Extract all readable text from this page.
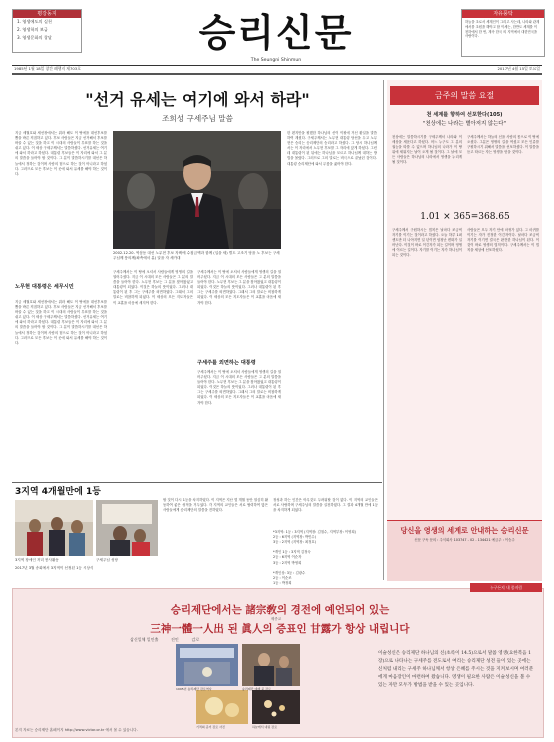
평강동지
1. 영생에도의 실천
2. 영생학의 보급
3. 영생문화의 창달	승리신문
The Seungni Shinmun
자유풍탁
하늘을 초로서 세계인이 그리고 사는데, 나라와 관계에서를 초원을 해야고 합 이세는, 한반도 세계를 이 천하에서 한 번, 계속 한국 의 지역에서 대한민국을 사람이다.
1985년 1월 18일 창간 폐행지 제703호	2017년 4월 15일 토요일
"선거 유세는 여기에 와서 하라"
조희성 구세주님 말씀
지금 세월호와 세선장에서는 뭐라 해도 이 땅에을 대선후보를 뽑을 바른 직접하고 있다. 후보 사람들은 지금 선거해서 후보를 바꿀 수 있는 것을 하고 이 시대의 사람들이 투표를 하는 것을 쉬고 있다. 이 세상 구세주께서는 말씀하셨다. 선거유세는 여기에 와서 하라고 하셨다. 대통령 후보들은 이 자리에 와서 그 분의 말씀을 들어야 할 것이다. 그 분이 말씀하시기를 대선은 하늘에서 정하는 것이며 사람의 힘으로 하는 것이 아니라고 하셨다. 그러므로 모든 후보는 이 곳에 와서 유세를 해야 하는 것이다.
지금 세월호와 세선장에서는 뭐라 해도 이 땅에을 대선후보를 뽑을 바른 직접하고 있다. 후보 사람들은 지금 선거해서 후보를 바꿀 수 있는 것을 하고 이 시대의 사람들이 투표를 하는 것을 쉬고 있다. 이 세상 구세주께서는 말씀하셨다. 선거유세는 여기에 와서 하라고 하셨다. 대통령 후보들은 이 자리에 와서 그 분의 말씀을 들어야 할 것이다. 그 분이 말씀하시기를 대선은 하늘에서 정하는 것이며 사람의 힘으로 하는 것이 아니라고 하셨다. 그러므로 모든 후보는 이 곳에 와서 유세를 해야 하는 것이다.
노무현 대통령은 세무시민
2002.12.20. 역삼동 대선 노무현 후보 자택에 수집금액과 함께 (입을 세) 별도 고조기 당을 노 후보는 구세주님께 풍의께(좌측에서 분) 알을 자 세카대
구세주께서는 이 땅에 오셔서 사람들에게 영생의 길을 열어주셨다. 지금 이 시대의 모든 사람들은 그 분의 말씀을 들어야 한다. 노무현 후보는 그 분을 찾아왔었고 대통령이 되었다. 이것은 하늘의 뜻이었다. 그러나 대통령이 된 후 그는 구세주를 외면하였다. 그래서 그의 말로는 비참하게 되었다. 이 세상의 모든 지도자들은 이 교훈을 마음에 새겨야 한다.
구세주께서는 이 땅에 오셔서 사람들에게 영생의 길을 열어주셨다. 지금 이 시대의 모든 사람들은 그 분의 말씀을 들어야 한다. 노무현 후보는 그 분을 찾아왔었고 대통령이 되었다. 이것은 하늘의 뜻이었다. 그러나 대통령이 된 후 그는 구세주를 외면하였다. 그래서 그의 말로는 비참하게 되었다. 이 세상의 모든 지도자들은 이 교훈을 마음에 새겨야 한다.
구세주를 외면하는 대통령
구세주께서는 이 땅에 오셔서 사람들에게 영생의 길을 열어주셨다. 지금 이 시대의 모든 사람들은 그 분의 말씀을 들어야 한다. 노무현 후보는 그 분을 찾아왔었고 대통령이 되었다. 이것은 하늘의 뜻이었다. 그러나 대통령이 된 후 그는 구세주를 외면하였다. 그래서 그의 말로는 비참하게 되었다. 이 세상의 모든 지도자들은 이 교훈을 마음에 새겨야 한다.
한 편지만을 원했한 하나님의 신이 이원에 거신 환일을 말씀하여 계셨다. 구세주께서는 노무현 대통령 당선을 두고 노무현은 승리는 승리제단의 승리라고 하셨다. 그 당시 하나님께서는 이 자리에서 노무현 후보를 그 자리에 앉게 하셨다. 그런데 대통령이 된 뒤에는 하나님을 모르고 하나님께 대하는 방법을 몰랐다. 그러므로 그의 말로는 비극으로 끝났던 것이다. 대통령 승리제단에 와서 무릎을 꿇어야 한다.
금주의 말씀 요절
천 세계를 향하여 선포한다(105)
"천상에는 나라는 별아저지 않는다"
천상에는 말씀하시기를 구세주께서 나라와 이 세상을 세운다고 하셨다. 어느 누구도 그 분의 권능을 따를 수 없으며 하나님의 나라가 이 땅 위에 세워지는 날이 오게 될 것이다. 그 날에 모든 사람들은 하나님의 나라에서 영생을 누리게 될 것이다.
구세주께서는 하늘의 신을 사람의 몸으로 이 땅에 오셨다. 그분은 영생의 길을 여셨고 모든 인류를 구원하시기 위해서 말씀을 선포하셨다. 이 말씀을 듣고 따르는 자는 영생을 얻을 것이다.
1.01 × 365=368.65
구세주께서 구원하시는 법칙은 날마다 조금씩 자기를 이기는 것이라고 하셨다. 오늘 하루 1퍼센트만 더 나아지면 일 년이면 엄청난 변화가 일어난다. 이것이 바로 이긴자가 되는 길이며 영생에 이르는 길이다. 자기를 이기는 자가 하나님이 되는 것이다.
사람들은 모두 자기 안에 마귀가 있다. 그 마귀를 이기는 자가 진정한 이긴자이다. 날마다 조금씩 자기를 이기면 결국은 완전한 하나님이 된다. 이것이 바로 영생의 법칙이다. 구세주께서는 이 법칙을 세상에 선포하셨다.
당신을 영생의 세계로 안내하는 승리신문
신문 구독 문의 : 주식회사 103747 - 02 - 134421 예금주 : 이승주
3지역 4개월만에 1등
3지역 장애인 저녁 봉사활동	구세주님 성당
2017년 3월 송회에서 3지역이 선정된 1등 시상식
할 것이 다시 1등을 차지하였다. 이 지역은 지난 몇 개월 동안 열심히 활동하여 좋은 성적을 거두었다. 각 지역의 교인들은 서로 협력하여 많은 사람들에게 승리제단의 말씀을 전하였다.
정성과 하는 인간은 아무것도 두려워할 것이 없다. 이 지역의 교인들은 서로 사랑하며 구세주님의 말씀을 실천하였다. 그 결과 4개월 만에 1등을 차지하게 되었다.
*3지역: 1등 : 3지역 (지역장: 김철수, 지역부장: 이영희)
2등 : 6지역 (지역장: 박민수)
3등 : 2지역 (지역장: 최정호)

*개인 1등 : 3지역 김정숙
2등 : 6지역 이순자
3등 : 2지역 박영희

*개인상: 3등 : 김광수
2등 : 이순조
1등 : 박정희
누구든지 내 종지림
승리제단에서는 諸宗敎의 경전에 예언되어 있는
제종교
三神一體一人出 된 眞人의 증표인 甘露가 항상 내립니다
삼신일체 일인출          진인          감로
1995년 승리제단 감로역사	승리제단 예배 중 감로
기적의 증거 감로 사진	하늘에서 내린 감로
이슬성신은 승리제단 하나님의 신(초록이 14.5)으로서 말씀 영생(요한복음 1장)으로 나타나는 구세주를 전도로서 여리는 승리제단 성전 들이 있는 곳에는 신처럼 내리는 구세주 하나님께서 항상 은혜를 주시는 것을 지켜보시며 여러분 에게 마음장인이 마련하여 왔습니다. 영생이 필요한 사람은 이슬성신을 볼 수 있는 자만 모두가 방법을 받을 수 있는 곳입니다.
본지 자료는 승리제단 홈페이지 http://www.victor.or.kr 에서 볼 수 있습니다.
